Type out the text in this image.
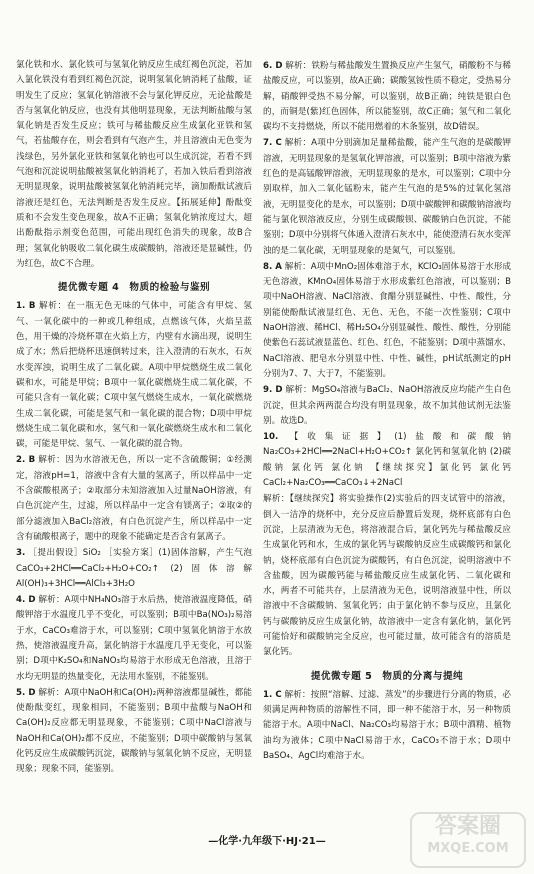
氯化铁和水、氯化铁可与氢氧化钠反应生成红褐色沉淀，若加入氯化铁没有看到红褐色沉淀，说明氢氧化钠消耗了盐酸，证明发生了反应；氢氧化钠溶液不会与氯化钾反应，无论盐酸是否与氢氧化钠反应，也没有其他明显现象，无法判断盐酸与氢氧化钠是否发生反应；铁可与稀盐酸反应生成氯化亚铁和氢气，若盐酸存在，则会看到有气泡产生，并且溶液由无色变为浅绿色，另外氯化亚铁和氢氧化钠也可以生成沉淀，若看不到气泡和沉淀说明盐酸被氢氧化钠消耗了，若加入铁后看到溶液无明显现象，说明盐酸被氢氧化钠消耗完毕，滴加酚酞试液后溶液还是红色，无法判断是否发生反应。【拓展延伸】酚酞变质和不会发生变色现象，故A不正确；氢氧化钠浓度过大，超出酚酞指示剂变色范围，可能出现红色消失的现象，故B合理；氢氧化钠吸收二氧化碳生成碳酸钠，溶液还是显碱性，仍为红色，故C不合理。

提优微专题 4　物质的检验与鉴别

1. B 解析：在一瓶无色无味的气体中，可能含有甲烷、氢气、一氧化碳中的一种或几种组成，点燃该气体，火焰呈蓝色，用干燥的冷烧杯罩在火焰上方，内壁有水滴出现，说明生成了水；然后把烧杯迅速倒转过来，注入澄清的石灰水，石灰水变浑浊，说明生成了二氧化碳。A项中甲烷燃烧生成二氧化碳和水，可能是甲烷；B项中一氧化碳燃烧生成二氧化碳，不可能只含有一氧化碳；C项中氢气燃烧生成水，一氧化碳燃烧生成二氧化碳，可能是氢气和一氧化碳的混合物；D项中甲烷燃烧生成二氧化碳和水，氢气和一氧化碳燃烧生成水和二氧化碳，可能是甲烷、氢气、一氧化碳的混合物。

2. B 解析：因为水溶液无色，所以一定不含硫酸铜；①经测定，溶液pH=1，溶液中含有大量的氢离子，所以样品中一定不含碳酸根离子；②取部分未知溶液加入过量NaOH溶液，有白色沉淀产生，过滤，所以样品中一定含有镁离子；②取②的部分滤液加入BaCl₂溶液，有白色沉淀产生，所以样品中一定含有硫酸根离子，题中的现象不能确定是否含有氯离子。

3. ［提出假设］SiO₂ ［实验方案］(1)固体溶解，产生气泡 CaCO₃+2HCl══CaCl₂+H₂O+CO₂↑ (2)固体溶解 Al(OH)₃+3HCl══AlCl₃+3H₂O

4. D 解析：A项中NH₄NO₃溶于水后热，使溶液温度降低，硝酸钾溶于水温度几乎不变化，可以鉴别；B项中Ba(NO₃)₂易溶于水，CaCO₃难溶于水，可以鉴别；C项中氢氧化钠溶于水放热，使溶液温度升高，氯化钠溶于水温度几乎无变化，可以鉴别；D项中K₂SO₄和NaNO₃均易溶于水形成无色溶液，且溶于水均无明显的热量变化，无法用水鉴别，不能鉴别。

5. D 解析：A项中NaOH和Ca(OH)₂两种溶液都显碱性，都能使酚酞变红，现象相同，不能鉴别；B项中盐酸与NaOH和Ca(OH)₂反应都无明显现象，不能鉴别；C项中NaCl溶液与NaOH和Ca(OH)₂都不反应，不能鉴别；D项中碳酸钠与氢氧化钙反应生成碳酸钙沉淀，碳酸钠与氢氧化钠不反应，无明显现象；现象不同，能鉴别。

6. D 解析：铁粉与稀盐酸发生置换反应产生氢气，硝酸粉不与稀盐酸反应，可以鉴别，故A正确；碳酸氢铵性质不稳定，受热易分解，硝酸钾受热不易分解，可以鉴别，故B正确；纯铁是银白色的，而铜是(紫)红色固体，所以能鉴别，故C正确；氢气和二氧化碳均不支持燃烧，所以不能用燃着的木条鉴别，故D错误。

7. C 解析：A项中分别滴加足量稀盐酸，能产生气泡的是碳酸钾溶液，无明显现象的是氢氧化钾溶液，可以鉴别；B项中溶液为紫红色的是高锰酸钾溶液，无明显现象的是水，可以鉴别；C项中分别取样，加入二氧化锰粉末，能产生气泡的是5%的过氧化氢溶液，无明显变化的是水，可以鉴别；D项中碳酸钾和碳酸钠溶液均能与氯化钡溶液反应，分别生成碳酸钡、碳酸钠白色沉淀，不能鉴别；D项中分别将气体通入澄清石灰水中，能使澄清石灰水变浑浊的是二氧化碳，无明显现象的是氮气，可以鉴别。

8. A 解析：A项中MnO₂固体难溶于水，KClO₃固体易溶于水形成无色溶液，KMnO₄固体易溶于水形成紫红色溶液，可以鉴别；B项中NaOH溶液、NaCl溶液、食醋分别显碱性、中性、酸性，分别能使酚酞试液显红色、无色、无色，不能一次性鉴别；C项中NaOH溶液、稀HCl、稀H₂SO₄分别显碱性、酸性、酸性，分别能使紫色石蕊试液显蓝色、红色、红色，不能鉴别；D项中蒸馏水、NaCl溶液、肥皂水分别显中性、中性、碱性，pH试纸测定的pH分别为7、7、大于7，不能鉴别。

9. D 解析：MgSO₄溶液与BaCl₂、NaOH溶液反应均能产生白色沉淀，但其余两两混合均没有明显现象，故不加其他试剂无法鉴别。故选D。

10. 【收集证据】(1)盐酸和碳酸钠 Na₂CO₃+2HCl══2NaCl+H₂O+CO₂↑ 氯化钙和氢氧化钠 (2)碳酸钠 氯化钙 氯化钠 【继续探究】氯化钙 氯化钙 CaCl₂+Na₂CO₃══CaCO₃↓+2NaCl

解析：【继续探究】将实验操作(2)实验后的四支试管中的溶液，倒入一洁净的烧杯中，充分反应后静置后发现，烧杯底部有白色沉淀，上层清液为无色，将溶液混合后，氯化钙先与稀盐酸反应生成氯化钙和水，生成的氯化钙与碳酸钠反应生成碳酸钙和氯化钠，烧杯底部有白色沉淀为碳酸钙，有白色沉淀，说明溶液中不含盐酸，因为碳酸钙能与稀盐酸反应生成氯化钙、二氧化碳和水，两者不可能共存，上层清液为无色，说明溶液显中性，所以溶液中不含碳酸钠、氢氧化钙；由于氯化钠不参与反应，且氯化钙与碳酸钠反应生成氯化钠，故溶液中一定含有氯化钠，氯化钙可能恰好和碳酸钠完全反应，也可能过量，故可能含有的溶质是氯化钙。

提优微专题 5　物质的分离与提纯

1. C 解析：按照“溶解、过滤、蒸发”的步骤进行分离的物质，必须满足两种物质的溶解性不同，即一种不能溶于水，另一种物质能溶于水。A项中NaCl、Na₂CO₃均易溶于水；B项中酒精、植物油均为液体；C项中NaCl易溶于水，CaCO₃不溶于水；D项中BaSO₄、AgCl均难溶于水。

—化学·九年级下·HJ·21—
答案圈
MXQE.COM
